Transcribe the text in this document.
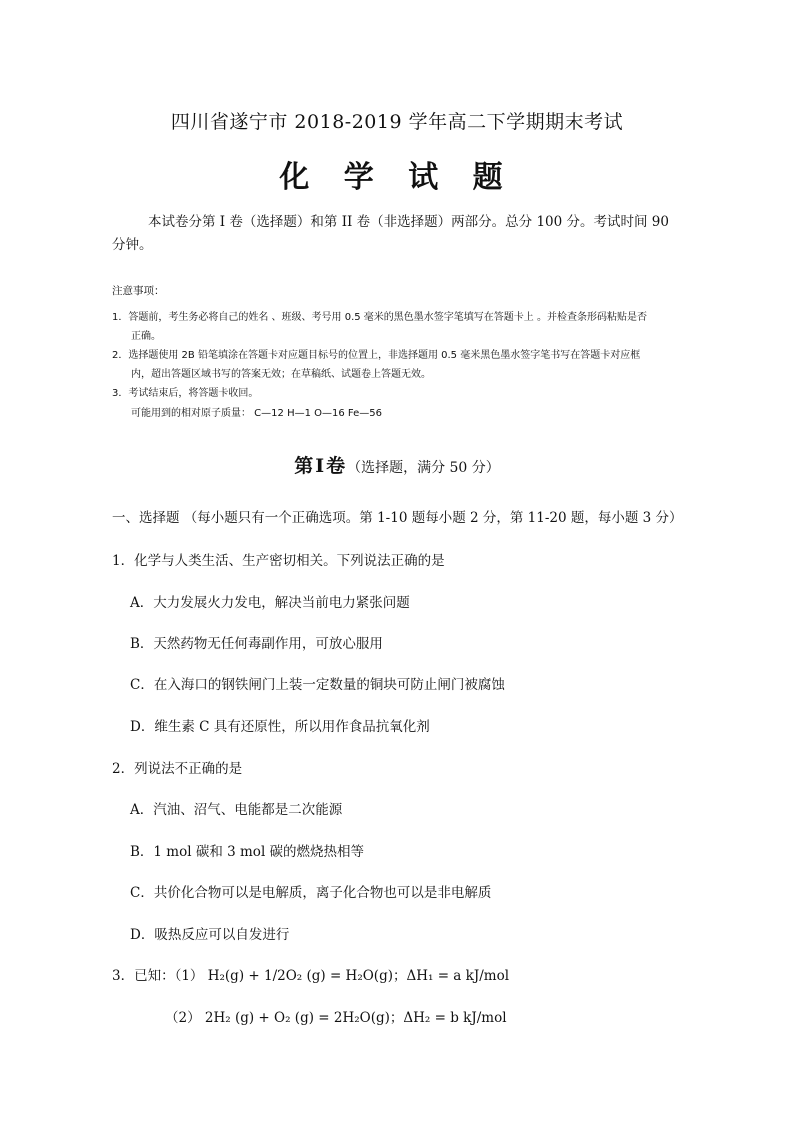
四川省遂宁市 2018-2019 学年高二下学期期末考试
化 学 试 题
本试卷分第 I 卷（选择题）和第 II 卷（非选择题）两部分。总分 100 分。考试时间 90 分钟。
注意事项：
1．答题前，考生务必将自己的姓名 、班级、考号用 0.5 毫米的黑色墨水签字笔填写在答题卡上 。并检查条形码粘贴是否
正确。
2．选择题使用 2B 铅笔填涂在答题卡对应题目标号的位置上，非选择题用 0.5 毫米黑色墨水签字笔书写在答题卡对应框
内，超出答题区域书写的答案无效；在草稿纸、试题卷上答题无效。
3．考试结束后，将答题卡收回。
可能用到的相对原子质量： C—12 H—1 O—16 Fe—56
第Ⅰ卷（选择题，满分 50 分）
一、选择题 （每小题只有一个正确选项。第 1-10 题每小题 2 分，第 11-20 题，每小题 3 分）
1．化学与人类生活、生产密切相关。下列说法正确的是
A．大力发展火力发电，解决当前电力紧张问题
B．天然药物无任何毒副作用，可放心服用
C．在入海口的钢铁闸门上装一定数量的铜块可防止闸门被腐蚀
D．维生素 C 具有还原性，所以用作食品抗氧化剂
2．列说法不正确的是
A．汽油、沼气、电能都是二次能源
B．1 mol 碳和 3 mol 碳的燃烧热相等
C．共价化合物可以是电解质，离子化合物也可以是非电解质
D．吸热反应可以自发进行
3．已知：（1） H₂(g) + 1/2O₂ (g) = H₂O(g)；ΔH₁ = a kJ/mol
（2） 2H₂ (g) + O₂ (g) = 2H₂O(g)；ΔH₂ = b kJ/mol
